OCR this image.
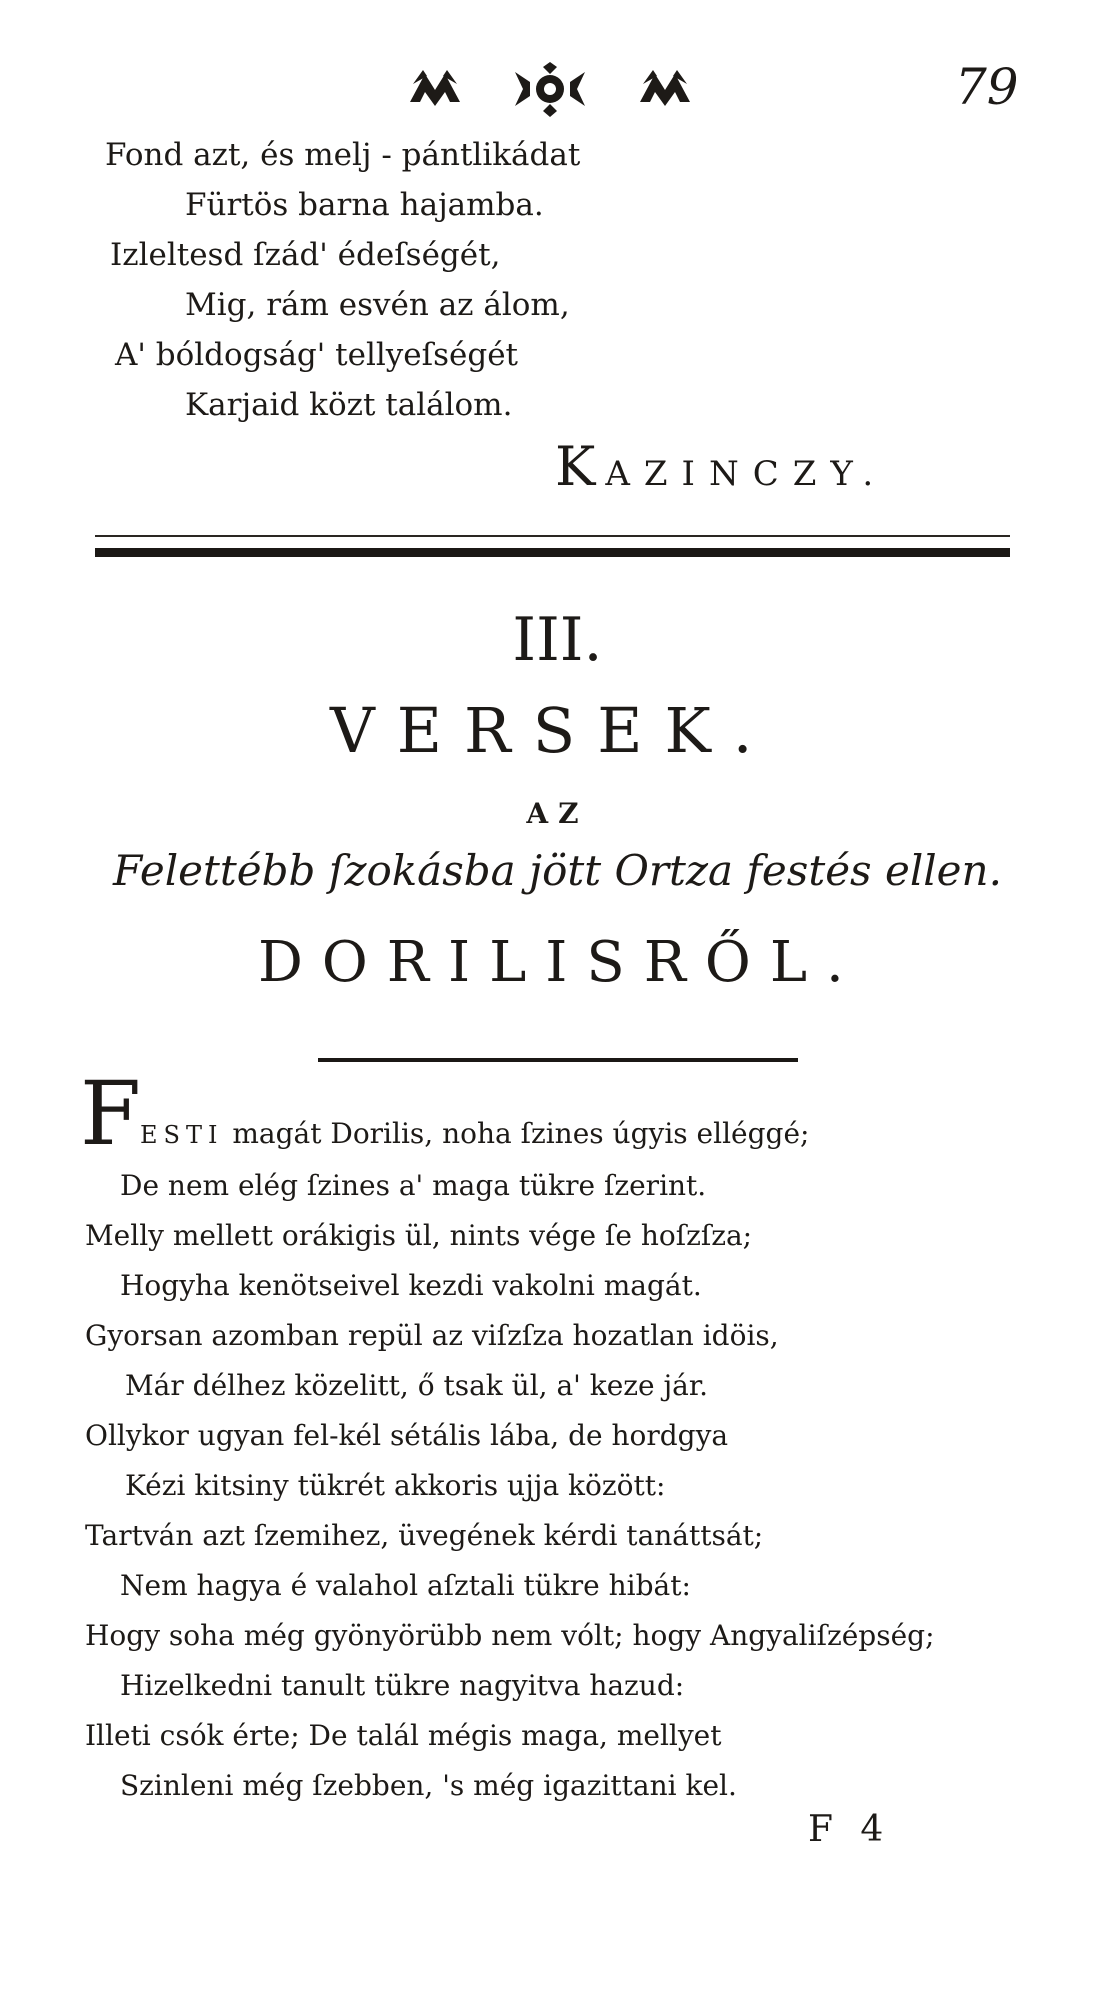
79
Fond azt, és melj - pántlikádat
Fürtös barna hajamba.
Izleltesd ſzád' édeſségét,
Mig, rám esvén az álom,
A' bóldogság' tellyeſségét
Karjaid közt találom.
KAZINCZY.
III.
VERSEK.
AZ
Felettébb ſzokásba jött Ortza festés ellen.
DORILISRŐL.
F
ESTI magát Dorilis, noha ſzines úgyis elléggé;
De nem elég ſzines a' maga tükre ſzerint.
Melly mellett orákigis ül, nints vége ſe hoſzſza;
Hogyha kenötseivel kezdi vakolni magát.
Gyorsan azomban repül az viſzſza hozatlan idöis,
Már délhez közelitt, ő tsak ül, a' keze jár.
Ollykor ugyan fel-kél sétális lába, de hordgya
Kézi kitsiny tükrét akkoris ujja között:
Tartván azt ſzemihez, üvegének kérdi tanáttsát;
Nem hagya é valahol aſztali tükre hibát:
Hogy soha még gyönyörübb nem vólt; hogy Angyaliſzépség;
Hizelkedni tanult tükre nagyitva hazud:
Illeti csók érte; De talál mégis maga, mellyet
Szinleni még ſzebben, 's még igazittani kel.
F 4
